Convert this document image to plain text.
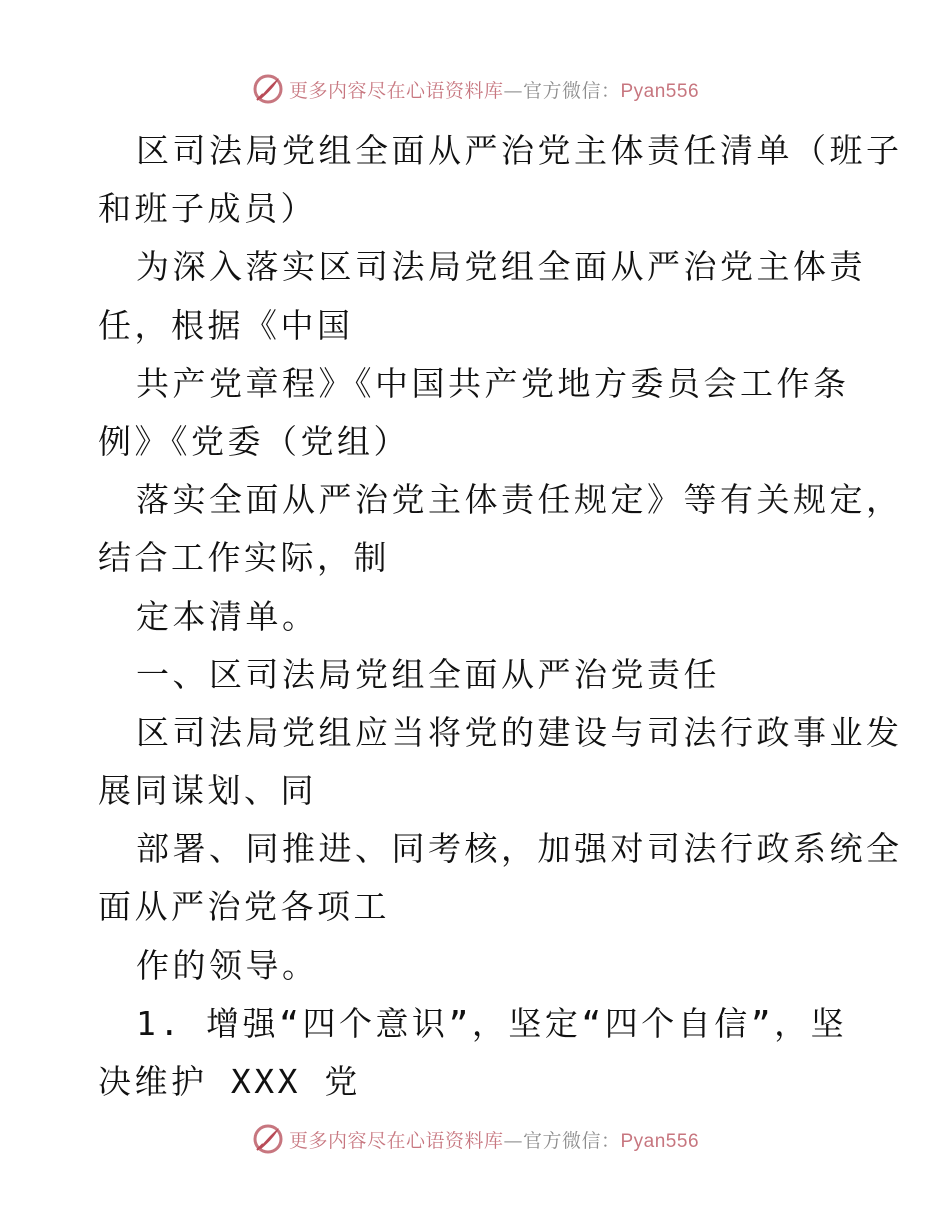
更多内容尽在心语资料库—官方微信：Pyan556
区司法局党组全面从严治党主体责任清单（班子
和班子成员）
为深入落实区司法局党组全面从严治党主体责
任，根据《中国
共产党章程》《中国共产党地方委员会工作条
例》《党委（党组）
落实全面从严治党主体责任规定》等有关规定，
结合工作实际，制
定本清单。
一、区司法局党组全面从严治党责任
区司法局党组应当将党的建设与司法行政事业发
展同谋划、同
部署、同推进、同考核，加强对司法行政系统全
面从严治党各项工
作的领导。
1. 增强“四个意识”，坚定“四个自信”，坚
决维护 XXX 党
更多内容尽在心语资料库—官方微信：Pyan556
